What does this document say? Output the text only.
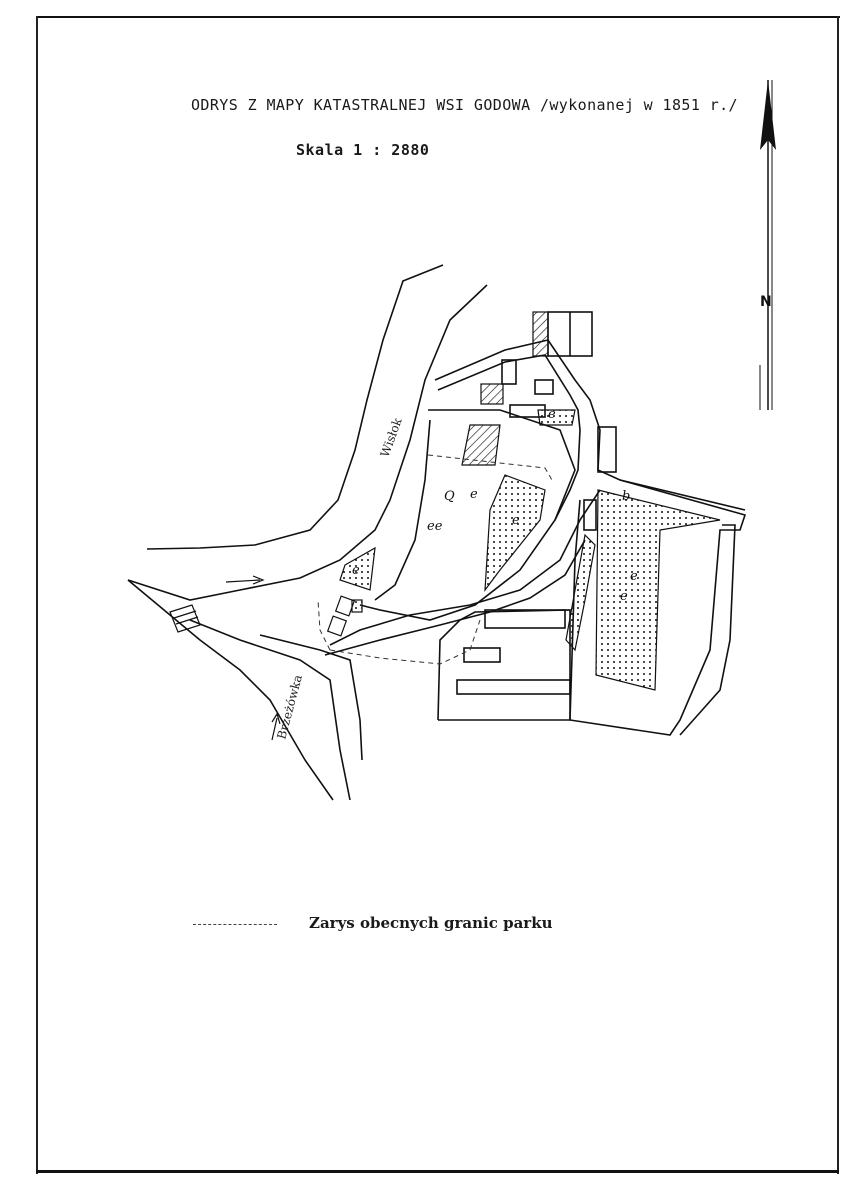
ODRYS Z MAPY KATASTRALNEJ WSI GODOWA /wykonanej w 1851 r./
Skala 1 : 2880
Q e
ee	e
e
e
e
e
b
N
Wisłok
Brzeżówka
Zarys obecnych granic parku
